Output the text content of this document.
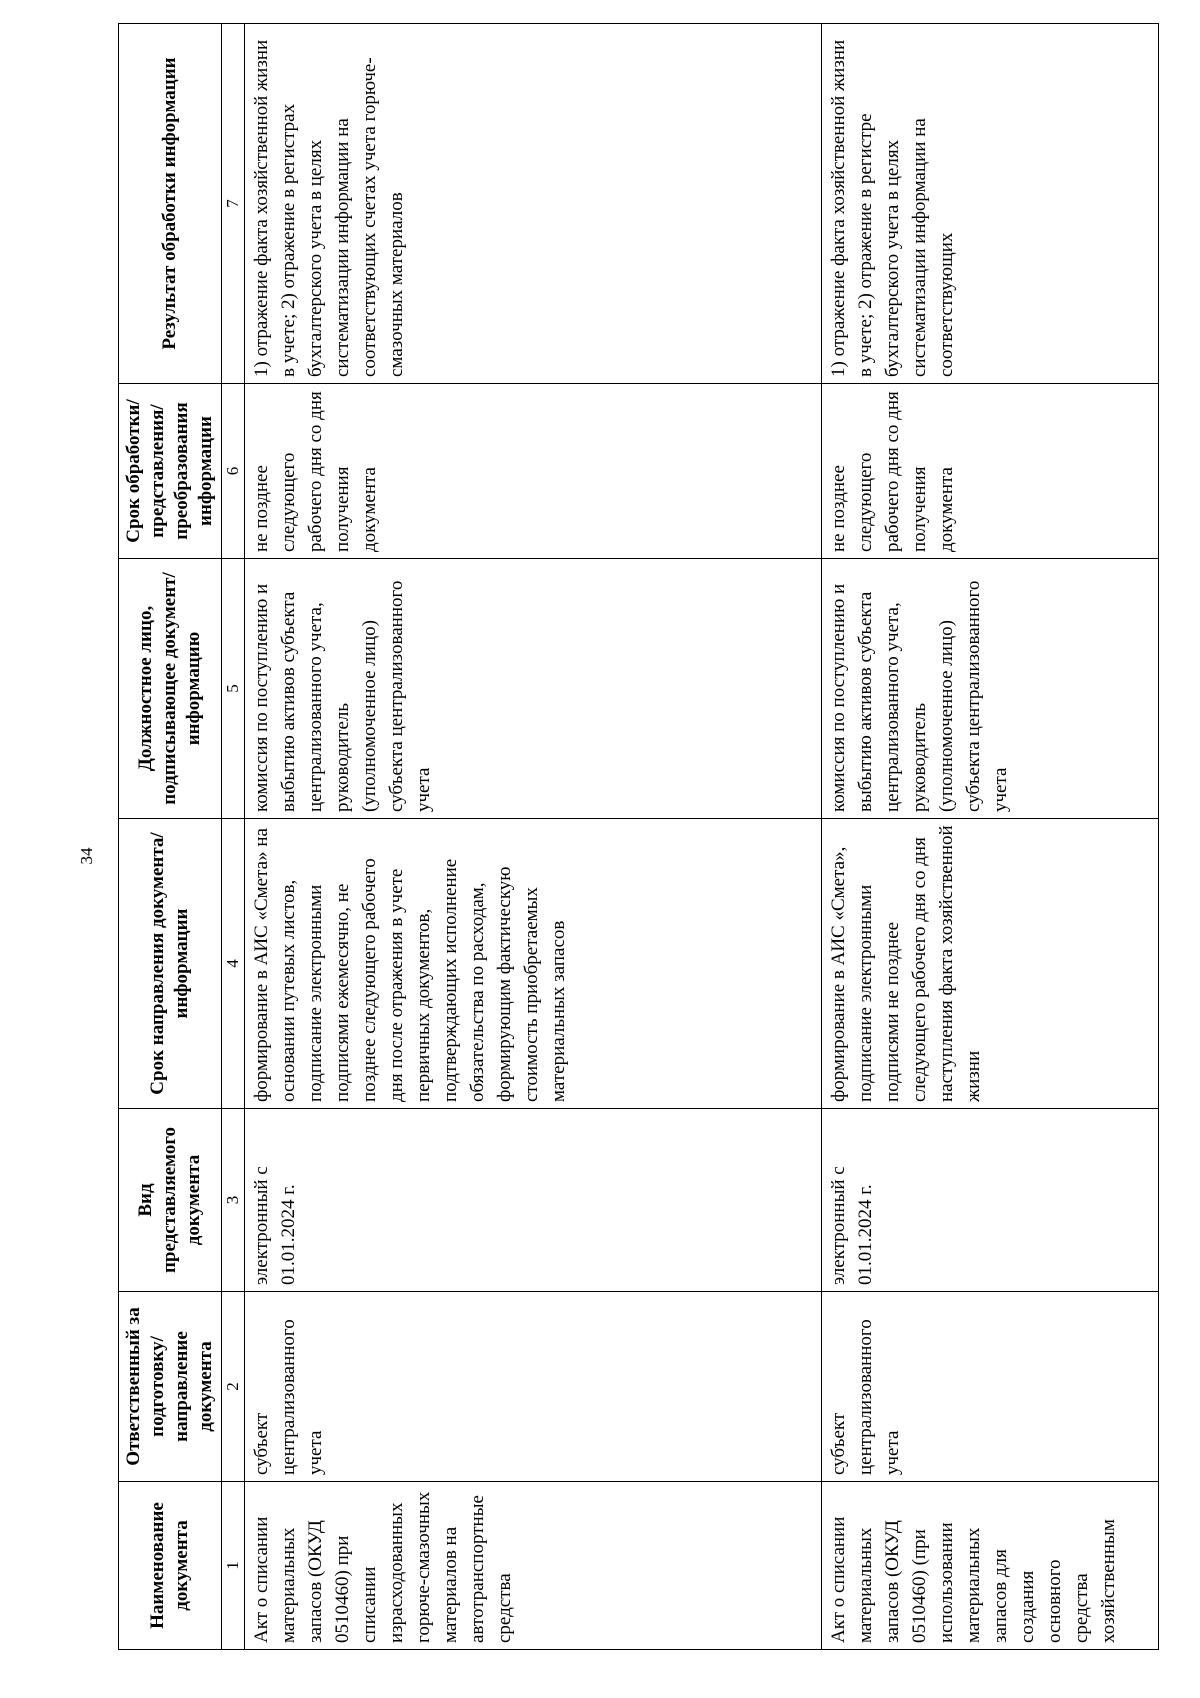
34
Наименование документа	Ответственный за подготовку/ направление документа	Вид представляемого документа	Срок направления документа/ информации	Должностное лицо, подписывающее документ/информацию	Срок обработки/ представления/ преобразования информации	Результат обработки информации
1	2	3	4	5	6	7
Акт о списании материальных запасов (ОКУД 0510460) при списании израсходованных горюче-смазочных материалов на автотранспортные средства	субъект централизованного учета	электронный с 01.01.2024 г.	формирование в АИС «Смета» на основании путевых листов, подписание электронными подписями ежемесячно, не позднее следующего рабочего дня после отражения в учете первичных документов, подтверждающих исполнение обязательства по расходам, формирующим фактическую стоимость приобретаемых материальных запасов	комиссия по поступлению и выбытию активов субъекта централизованного учета, руководитель (уполномоченное лицо) субъекта централизованного учета	не позднее следующего рабочего дня со дня получения документа	1) отражение факта хозяйственной жизни в учете; 2) отражение в регистрах бухгалтерского учета в целях систематизации информации на соответствующих счетах учета горюче-смазочных материалов
Акт о списании материальных запасов (ОКУД 0510460) (при использовании материальных запасов для создания основного средства хозяйственным	субъект централизованного учета	электронный с 01.01.2024 г.	формирование в АИС «Смета», подписание электронными подписями не позднее следующего рабочего дня со дня наступления факта хозяйственной жизни	комиссия по поступлению и выбытию активов субъекта централизованного учета, руководитель (уполномоченное лицо) субъекта централизованного учета	не позднее следующего рабочего дня со дня получения документа	1) отражение факта хозяйственной жизни в учете; 2) отражение в регистре бухгалтерского учета в целях систематизации информации на соответствующих
